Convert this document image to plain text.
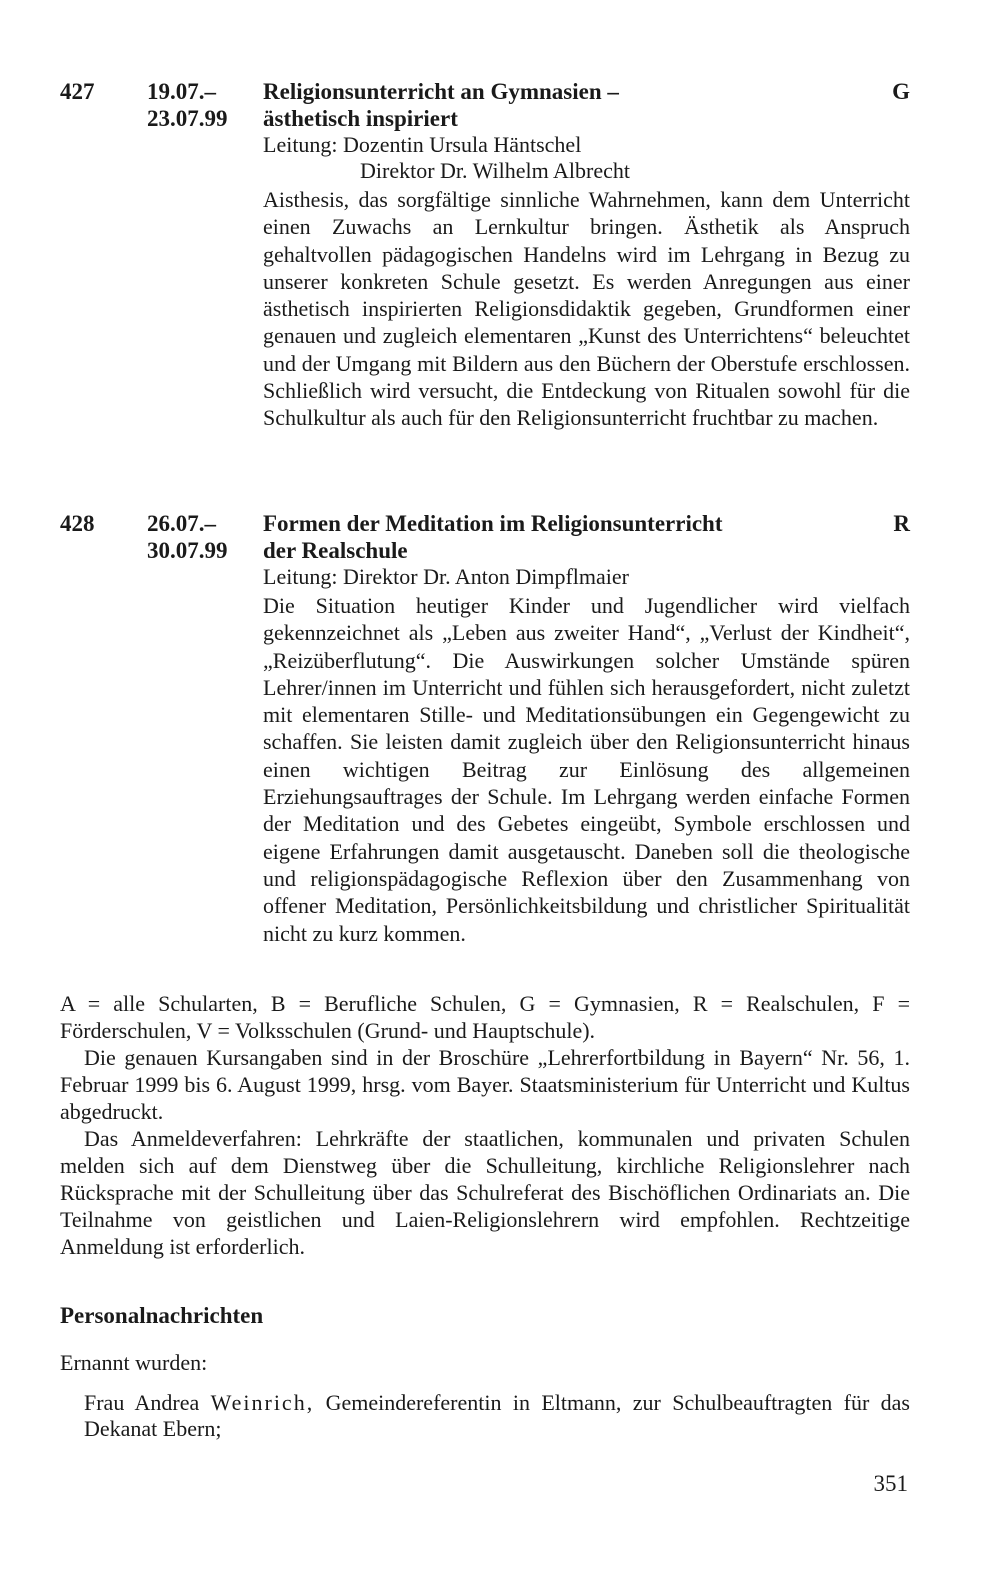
427 19.07.–
23.07.99
Religionsunterricht an Gymnasien –
ästhetisch inspiriert
G
Leitung: Dozentin Ursula Häntschel
Direktor Dr. Wilhelm Albrecht
Aisthesis, das sorgfältige sinnliche Wahrnehmen, kann dem Unterricht einen Zuwachs an Lernkultur bringen. Ästhetik als Anspruch gehaltvollen pädagogischen Handelns wird im Lehrgang in Bezug zu unserer konkreten Schule gesetzt. Es werden Anregungen aus einer ästhetisch inspirierten Religionsdidaktik gegeben, Grundformen einer genauen und zugleich elementaren „Kunst des Unterrichtens“ beleuchtet und der Umgang mit Bildern aus den Büchern der Oberstufe erschlossen. Schließlich wird versucht, die Entdeckung von Ritualen sowohl für die Schulkultur als auch für den Religionsunterricht fruchtbar zu machen.
428 26.07.–
30.07.99
Formen der Meditation im Religionsunterricht
der Realschule
R
Leitung: Direktor Dr. Anton Dimpflmaier
Die Situation heutiger Kinder und Jugendlicher wird vielfach gekennzeichnet als „Leben aus zweiter Hand“, „Verlust der Kindheit“, „Reizüberflutung“. Die Auswirkungen solcher Umstände spüren Lehrer/innen im Unterricht und fühlen sich herausgefordert, nicht zuletzt mit elementaren Stille- und Meditationsübungen ein Gegengewicht zu schaffen. Sie leisten damit zugleich über den Religionsunterricht hinaus einen wichtigen Beitrag zur Einlösung des allgemeinen Erziehungsauftrages der Schule. Im Lehrgang werden einfache Formen der Meditation und des Gebetes eingeübt, Symbole erschlossen und eigene Erfahrungen damit ausgetauscht. Daneben soll die theologische und religionspädagogische Reflexion über den Zusammenhang von offener Meditation, Persönlichkeitsbildung und christlicher Spiritualität nicht zu kurz kommen.

A = alle Schularten, B = Berufliche Schulen, G = Gymnasien, R = Realschulen, F = Förderschulen, V = Volksschulen (Grund- und Hauptschule).

Die genauen Kursangaben sind in der Broschüre „Lehrerfortbildung in Bayern“ Nr. 56, 1. Februar 1999 bis 6. August 1999, hrsg. vom Bayer. Staatsministerium für Unterricht und Kultus abgedruckt.

Das Anmeldeverfahren: Lehrkräfte der staatlichen, kommunalen und privaten Schulen melden sich auf dem Dienstweg über die Schulleitung, kirchliche Religionslehrer nach Rücksprache mit der Schulleitung über das Schulreferat des Bischöflichen Ordinariats an. Die Teilnahme von geistlichen und Laien-Religionslehrern wird empfohlen. Rechtzeitige Anmeldung ist erforderlich.

Personalnachrichten
Ernannt wurden:
Frau Andrea Weinrich, Gemeindereferentin in Eltmann, zur Schulbeauftragten für das Dekanat Ebern;
351
